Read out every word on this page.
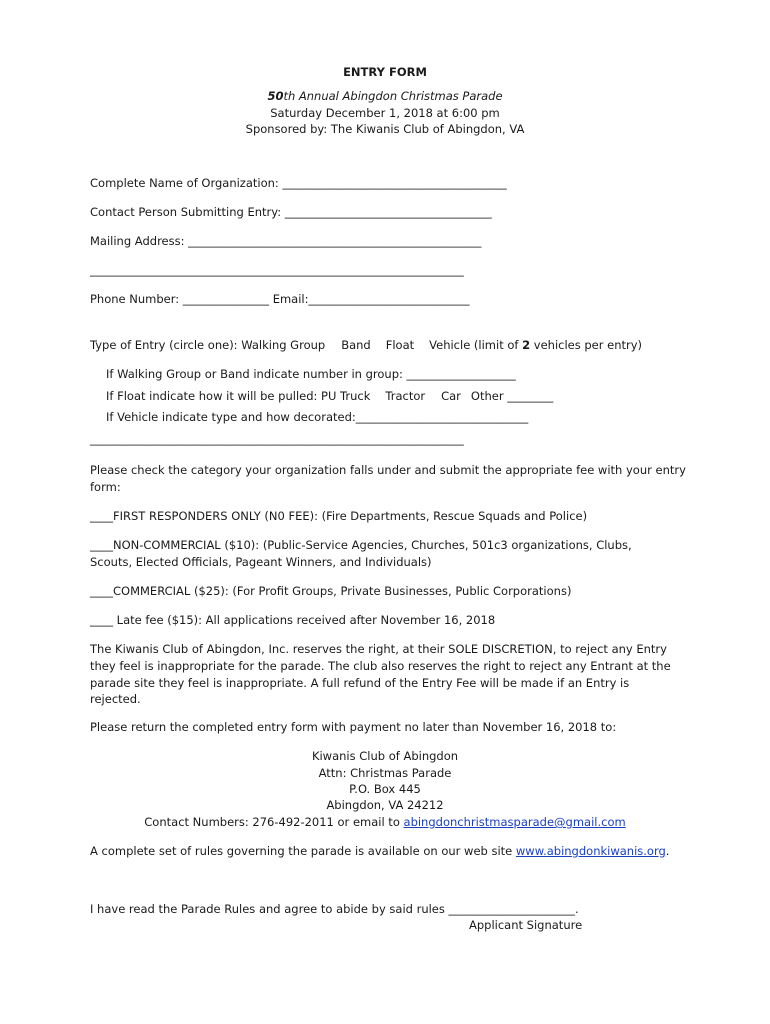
ENTRY FORM
50th Annual Abingdon Christmas Parade
Saturday December 1, 2018 at 6:00 pm
Sponsored by: The Kiwanis Club of Abingdon, VA
Complete Name of Organization: _______________________________________
Contact Person Submitting Entry: ____________________________________
Mailing Address: ___________________________________________________
_________________________________________________________________
Phone Number: _______________ Email:____________________________
Type of Entry (circle one): Walking Group Band Float Vehicle (limit of 2 vehicles per entry)
If Walking Group or Band indicate number in group: ___________________
If Float indicate how it will be pulled: PU Truck Tractor Car Other ________
If Vehicle indicate type and how decorated:______________________________
_________________________________________________________________
Please check the category your organization falls under and submit the appropriate fee with your entry
form:
____FIRST RESPONDERS ONLY (N0 FEE): (Fire Departments, Rescue Squads and Police)
____NON-COMMERCIAL ($10): (Public-Service Agencies, Churches, 501c3 organizations, Clubs,
Scouts, Elected Officials, Pageant Winners, and Individuals)
____COMMERCIAL ($25): (For Profit Groups, Private Businesses, Public Corporations)
____ Late fee ($15): All applications received after November 16, 2018
The Kiwanis Club of Abingdon, Inc. reserves the right, at their SOLE DISCRETION, to reject any Entry
they feel is inappropriate for the parade. The club also reserves the right to reject any Entrant at the
parade site they feel is inappropriate. A full refund of the Entry Fee will be made if an Entry is
rejected.
Please return the completed entry form with payment no later than November 16, 2018 to:
Kiwanis Club of Abingdon
Attn: Christmas Parade
P.O. Box 445
Abingdon, VA 24212
Contact Numbers: 276-492-2011 or email to abingdonchristmasparade@gmail.com
A complete set of rules governing the parade is available on our web site www.abingdonkiwanis.org.
I have read the Parade Rules and agree to abide by said rules ______________________.
Applicant Signature
